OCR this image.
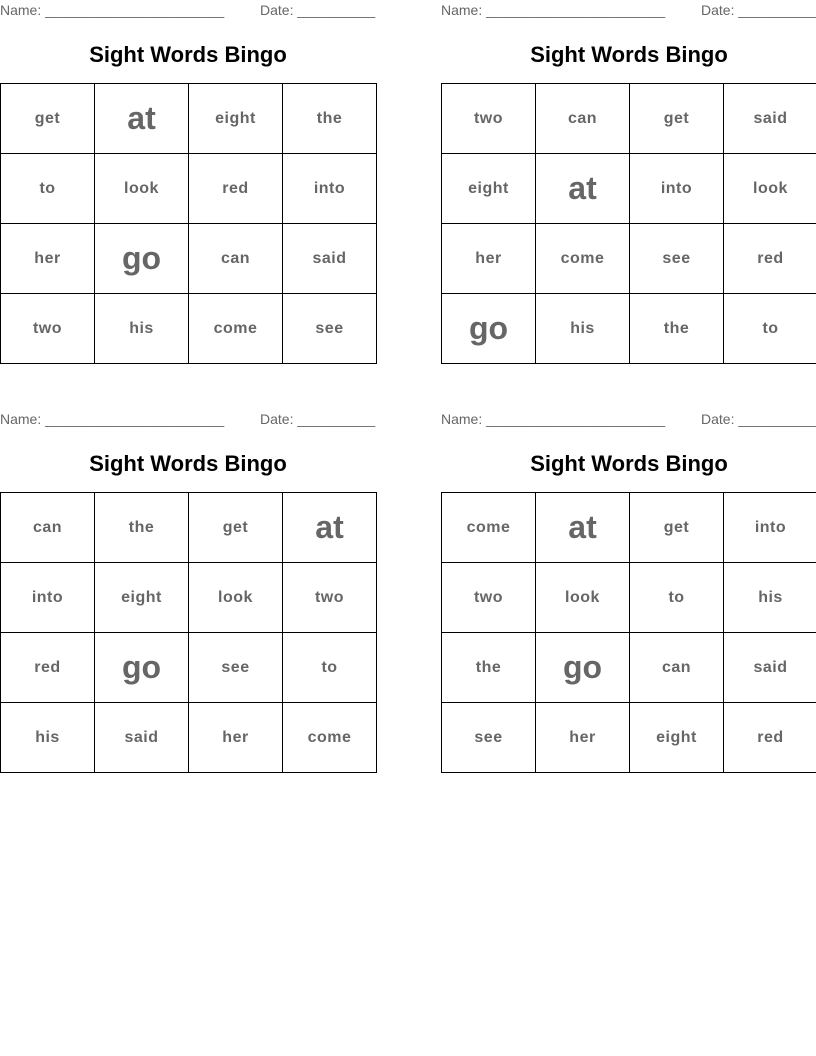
Name: _______________________	Date: __________
Sight Words Bingo
get	at	eight	the
to	look	red	into
her	go	can	said
two	his	come	see
Name: _______________________	Date: __________
Sight Words Bingo
two	can	get	said
eight	at	into	look
her	come	see	red
go	his	the	to
Name: _______________________	Date: __________
Sight Words Bingo
can	the	get	at
into	eight	look	two
red	go	see	to
his	said	her	come
Name: _______________________	Date: __________
Sight Words Bingo
come	at	get	into
two	look	to	his
the	go	can	said
see	her	eight	red
